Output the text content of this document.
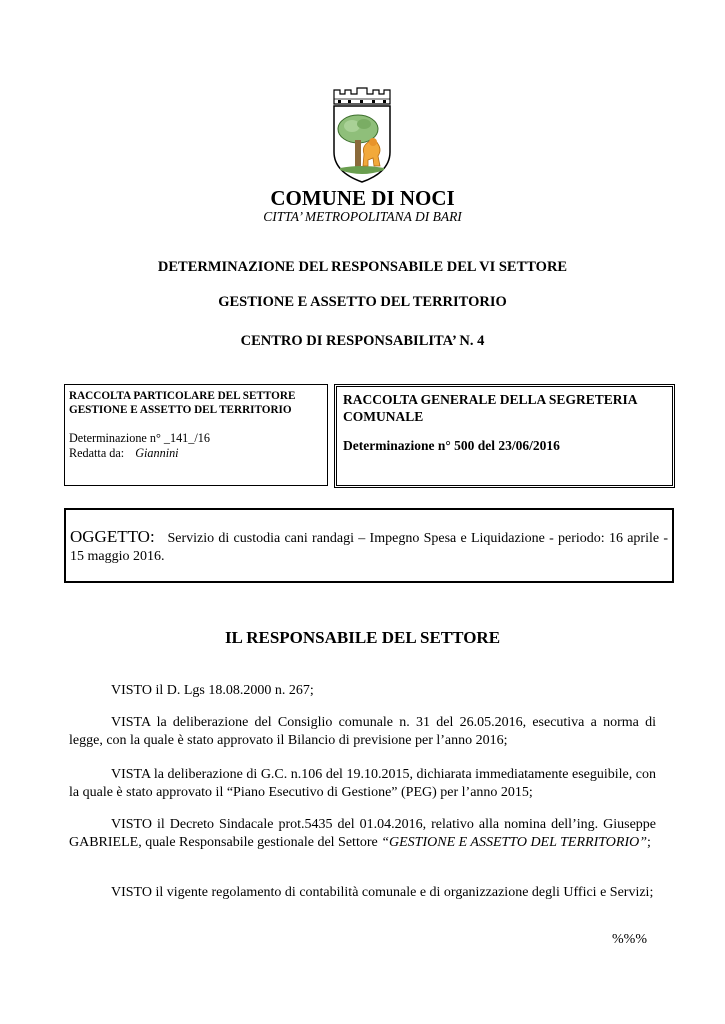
COMUNE DI NOCI
CITTA’ METROPOLITANA DI BARI
DETERMINAZIONE DEL RESPONSABILE DEL VI SETTORE
GESTIONE E ASSETTO DEL TERRITORIO
CENTRO DI RESPONSABILITA’ N. 4
RACCOLTA PARTICOLARE DEL SETTORE
GESTIONE E ASSETTO DEL TERRITORIO
Determinazione n° _141_/16
Redatta da: Giannini
RACCOLTA GENERALE DELLA SEGRETERIA
COMUNALE
Determinazione n° 500 del 23/06/2016
OGGETTO: Servizio di custodia cani randagi – Impegno Spesa e Liquidazione - periodo: 16 aprile - 15 maggio 2016.
IL RESPONSABILE DEL SETTORE
VISTO il D. Lgs 18.08.2000 n. 267;
VISTA la deliberazione del Consiglio comunale n. 31 del 26.05.2016, esecutiva a norma di legge, con la quale è stato approvato il Bilancio di previsione per l’anno 2016;
VISTA la deliberazione di G.C. n.106 del 19.10.2015, dichiarata immediatamente eseguibile, con la quale è stato approvato il “Piano Esecutivo di Gestione” (PEG) per l’anno 2015;
VISTO il Decreto Sindacale prot.5435 del 01.04.2016, relativo alla nomina dell’ing. Giuseppe GABRIELE, quale Responsabile gestionale del Settore “GESTIONE E ASSETTO DEL TERRITORIO”;
VISTO il vigente regolamento di contabilità comunale e di organizzazione degli Uffici e Servizi;
%%%
